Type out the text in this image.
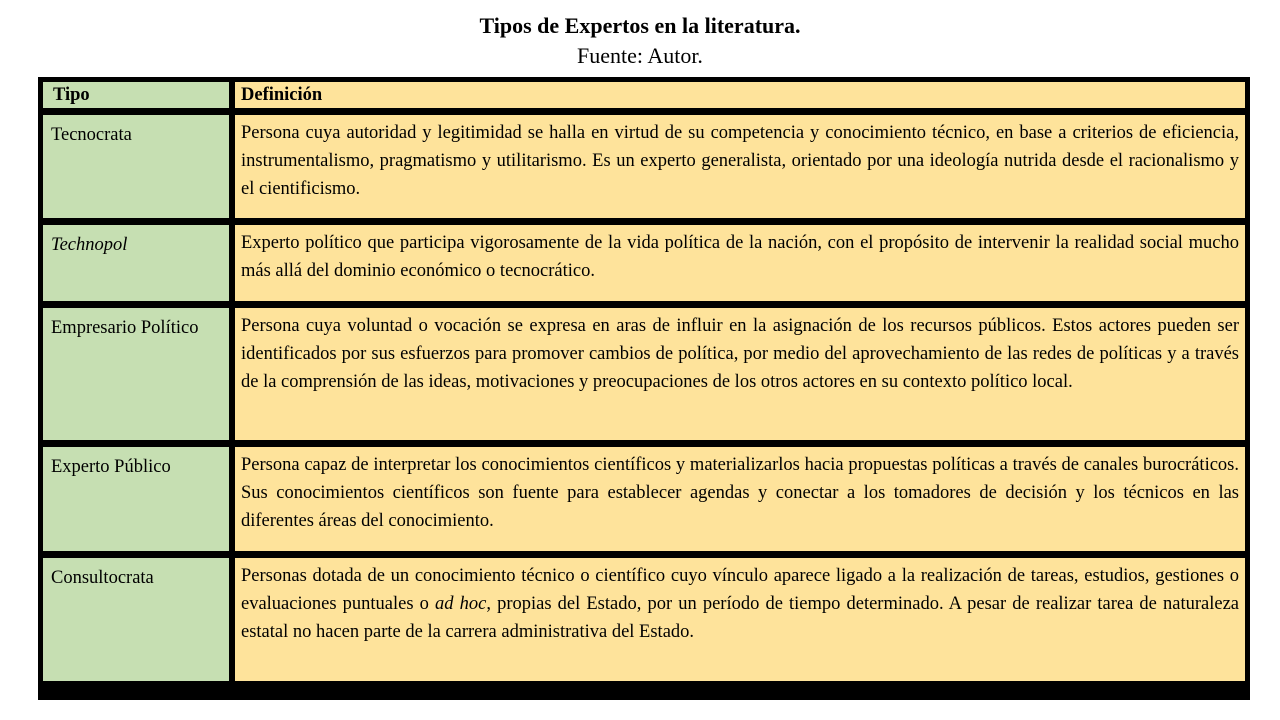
Tipos de Expertos en la literatura.
Fuente: Autor.
Tipo	Definición

Tecnocrata	Persona cuya autoridad y legitimidad se halla en virtud de su competencia y conocimiento técnico, en base a criterios de eficiencia, instrumentalismo, pragmatismo y utilitarismo. Es un experto generalista, orientado por una ideología nutrida desde el racionalismo y el cientificismo.

Technopol	Experto político que participa vigorosamente de la vida política de la nación, con el propósito de intervenir la realidad social mucho más allá del dominio económico o tecnocrático.

Empresario Político	Persona cuya voluntad o vocación se expresa en aras de influir en la asignación de los recursos públicos. Estos actores pueden ser identificados por sus esfuerzos para promover cambios de política, por medio del aprovechamiento de las redes de políticas y a través de la comprensión de las ideas, motivaciones y preocupaciones de los otros actores en su contexto político local.

Experto Público	Persona capaz de interpretar los conocimientos científicos y materializarlos hacia propuestas políticas a través de canales burocráticos. Sus conocimientos científicos son fuente para establecer agendas y conectar a los tomadores de decisión y los técnicos en las diferentes áreas del conocimiento.

Consultocrata	Personas dotada de un conocimiento técnico o científico cuyo vínculo aparece ligado a la realización de tareas, estudios, gestiones o evaluaciones puntuales o ad hoc, propias del Estado, por un período de tiempo determinado. A pesar de realizar tarea de naturaleza estatal no hacen parte de la carrera administrativa del Estado.
